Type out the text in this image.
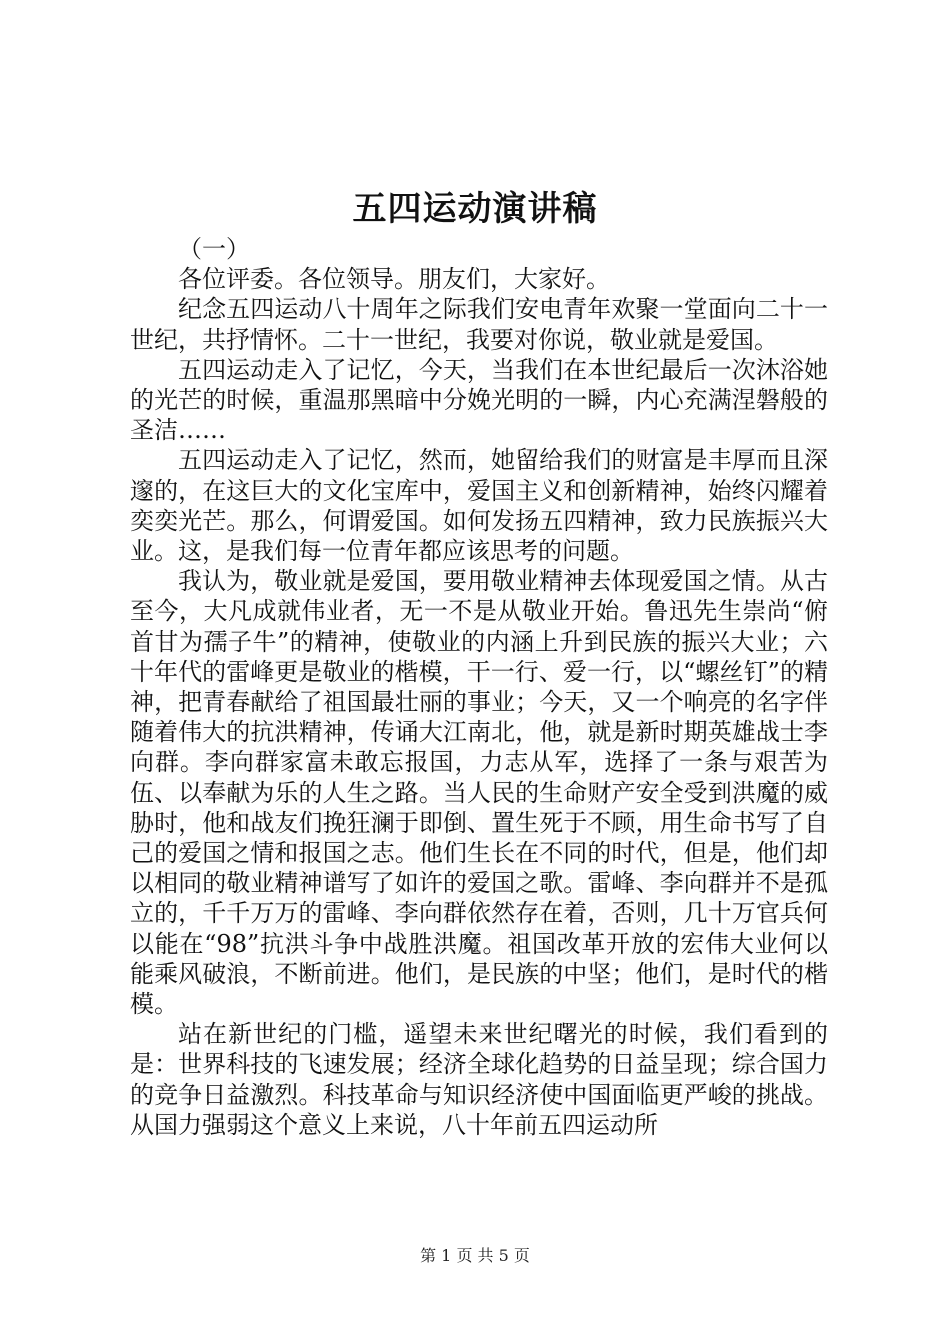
五四运动演讲稿

（一）

各位评委。各位领导。朋友们，大家好。

纪念五四运动八十周年之际我们安电青年欢聚一堂面向二十一世纪，共抒情怀。二十一世纪，我要对你说，敬业就是爱国。

五四运动走入了记忆，今天，当我们在本世纪最后一次沐浴她的光芒的时候，重温那黑暗中分娩光明的一瞬，内心充满涅磐般的圣洁……

五四运动走入了记忆，然而，她留给我们的财富是丰厚而且深邃的，在这巨大的文化宝库中，爱国主义和创新精神，始终闪耀着奕奕光芒。那么，何谓爱国。如何发扬五四精神，致力民族振兴大业。这，是我们每一位青年都应该思考的问题。

我认为，敬业就是爱国，要用敬业精神去体现爱国之情。从古至今，大凡成就伟业者，无一不是从敬业开始。鲁迅先生崇尚“俯首甘为孺子牛”的精神，使敬业的内涵上升到民族的振兴大业；六十年代的雷峰更是敬业的楷模，干一行、爱一行，以“螺丝钉”的精神，把青春献给了祖国最壮丽的事业；今天，又一个响亮的名字伴随着伟大的抗洪精神，传诵大江南北，他，就是新时期英雄战士李向群。李向群家富未敢忘报国，力志从军，选择了一条与艰苦为伍、以奉献为乐的人生之路。当人民的生命财产安全受到洪魔的威胁时，他和战友们挽狂澜于即倒、置生死于不顾，用生命书写了自己的爱国之情和报国之志。他们生长在不同的时代，但是，他们却以相同的敬业精神谱写了如许的爱国之歌。雷峰、李向群并不是孤立的，千千万万的雷峰、李向群依然存在着，否则，几十万官兵何以能在“98”抗洪斗争中战胜洪魔。祖国改革开放的宏伟大业何以能乘风破浪，不断前进。他们，是民族的中坚；他们，是时代的楷模。

站在新世纪的门槛，遥望未来世纪曙光的时候，我们看到的是：世界科技的飞速发展；经济全球化趋势的日益呈现；综合国力的竞争日益激烈。科技革命与知识经济使中国面临更严峻的挑战。从国力强弱这个意义上来说，八十年前五四运动所

第 1 页 共 5 页
